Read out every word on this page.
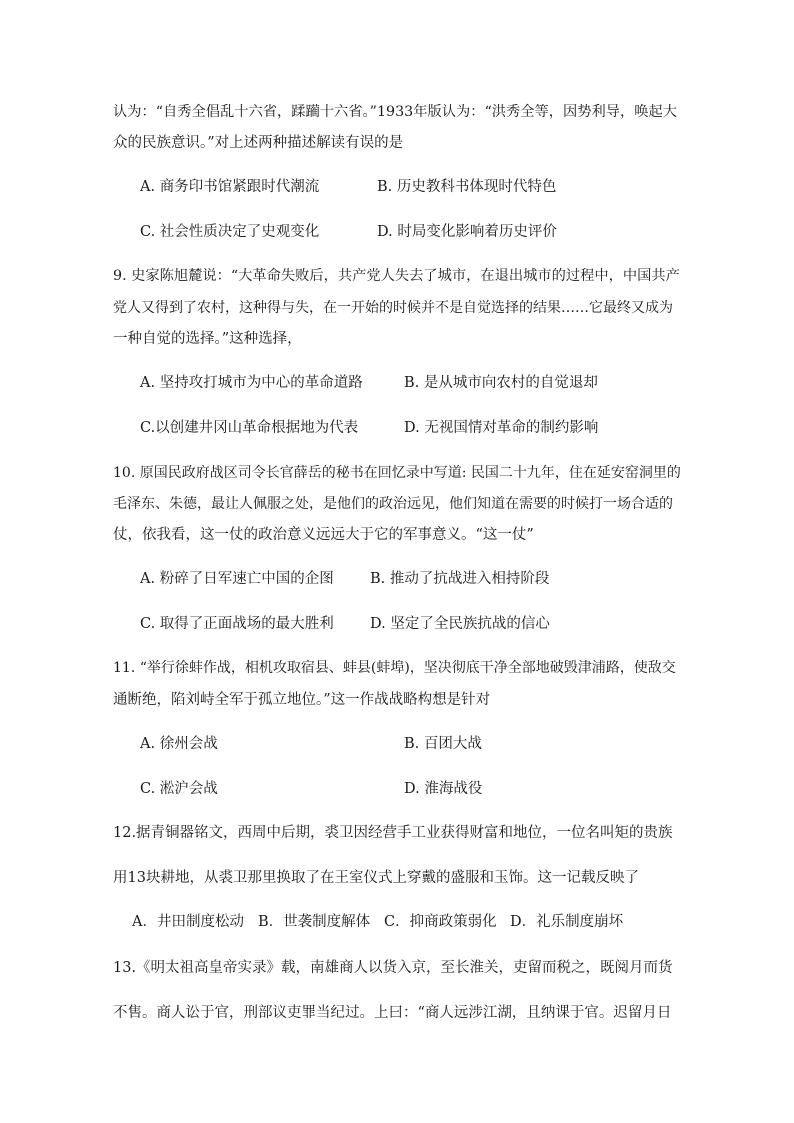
认为：“自秀全倡乱十六省，蹂躏十六省。”1933年版认为：“洪秀全等，因势利导，唤起大
众的民族意识。”对上述两种描述解读有误的是
A. 商务印书馆紧跟时代潮流	B. 历史教科书体现时代特色
C. 社会性质决定了史观变化	D. 时局变化影响着历史评价
9. 史家陈旭麓说：“大革命失败后，共产党人失去了城市，在退出城市的过程中，中国共产
党人又得到了农村，这种得与失，在一开始的时候并不是自觉选择的结果……它最终又成为
一种自觉的选择。”这种选择，
A. 坚持攻打城市为中心的革命道路	B. 是从城市向农村的自觉退却
C.以创建井冈山革命根据地为代表	D. 无视国情对革命的制约影响
10. 原国民政府战区司令长官薛岳的秘书在回忆录中写道: 民国二十九年，住在延安窑洞里的
毛泽东、朱德，最让人佩服之处，是他们的政治远见，他们知道在需要的时候打一场合适的
仗，依我看，这一仗的政治意义远远大于它的军事意义。“这一仗”
A. 粉碎了日军速亡中国的企图	B. 推动了抗战进入相持阶段
C. 取得了正面战场的最大胜利 D. 坚定了全民族抗战的信心
11. “举行徐蚌作战，相机攻取宿县、蚌县(蚌埠)，坚决彻底干净全部地破毁津浦路，使敌交
通断绝，陷刘峙全军于孤立地位。”这一作战战略构想是针对
A. 徐州会战	B. 百团大战
C. 淞沪会战	D. 淮海战役
12.据青铜器铭文，西周中后期，裘卫因经营手工业获得财富和地位，一位名叫矩的贵族
用13块耕地，从裘卫那里换取了在王室仪式上穿戴的盛服和玉饰。这一记载反映了
A．井田制度松动 B．世袭制度解体 C．抑商政策弱化 D．礼乐制度崩坏
13.《明太祖高皇帝实录》载，南雄商人以货入京，至长淮关，吏留而税之，既阅月而货
不售。商人讼于官，刑部议吏罪当纪过。上曰：“商人远涉江湖，且纳课于官。迟留月日
